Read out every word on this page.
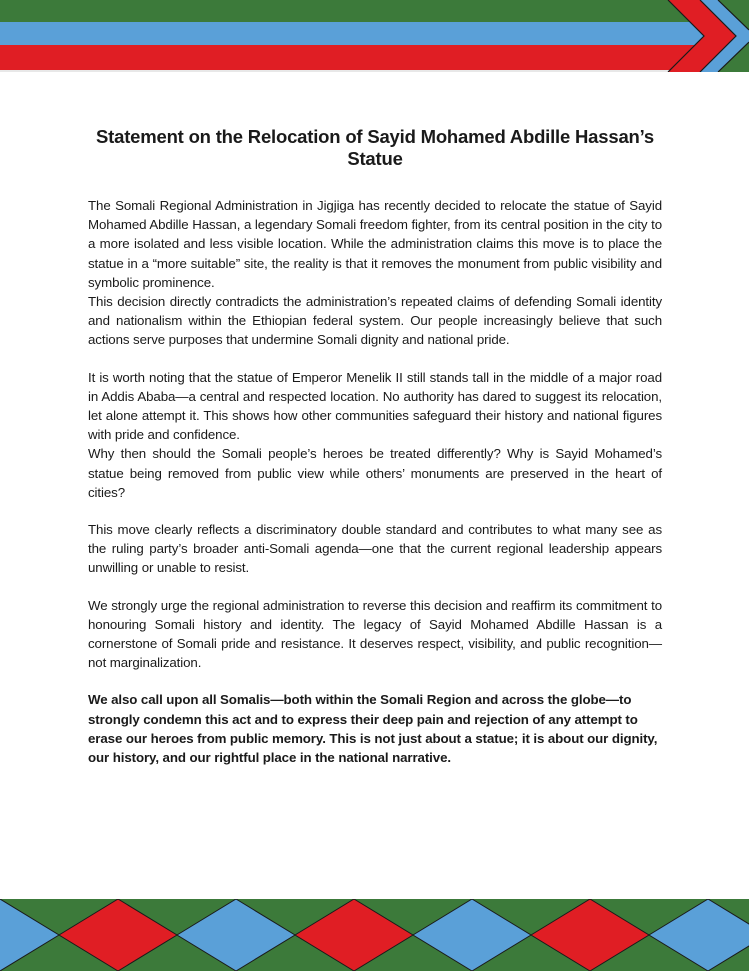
Statement on the Relocation of Sayid Mohamed Abdille Hassan’s Statue

The Somali Regional Administration in Jigjiga has recently decided to relocate the statue of Sayid Mohamed Abdille Hassan, a legendary Somali freedom fighter, from its central position in the city to a more isolated and less visible location. While the administration claims this move is to place the statue in a “more suitable” site, the reality is that it removes the monument from public visibility and symbolic prominence.

This decision directly contradicts the administration’s repeated claims of defending Somali identity and nationalism within the Ethiopian federal system. Our people increasingly believe that such actions serve purposes that undermine Somali dignity and national pride.

It is worth noting that the statue of Emperor Menelik II still stands tall in the middle of a major road in Addis Ababa—a central and respected location. No authority has dared to suggest its relocation, let alone attempt it. This shows how other communities safeguard their history and national figures with pride and confidence.

Why then should the Somali people’s heroes be treated differently? Why is Sayid Mohamed’s statue being removed from public view while others’ monuments are preserved in the heart of cities?

This move clearly reflects a discriminatory double standard and contributes to what many see as the ruling party’s broader anti-Somali agenda—one that the current regional leadership appears unwilling or unable to resist.

We strongly urge the regional administration to reverse this decision and reaffirm its commitment to honouring Somali history and identity. The legacy of Sayid Mohamed Abdille Hassan is a cornerstone of Somali pride and resistance. It deserves respect, visibility, and public recognition—not marginalization.

We also call upon all Somalis—both within the Somali Region and across the globe—to strongly condemn this act and to express their deep pain and rejection of any attempt to erase our heroes from public memory. This is not just about a statue; it is about our dignity, our history, and our rightful place in the national narrative.
